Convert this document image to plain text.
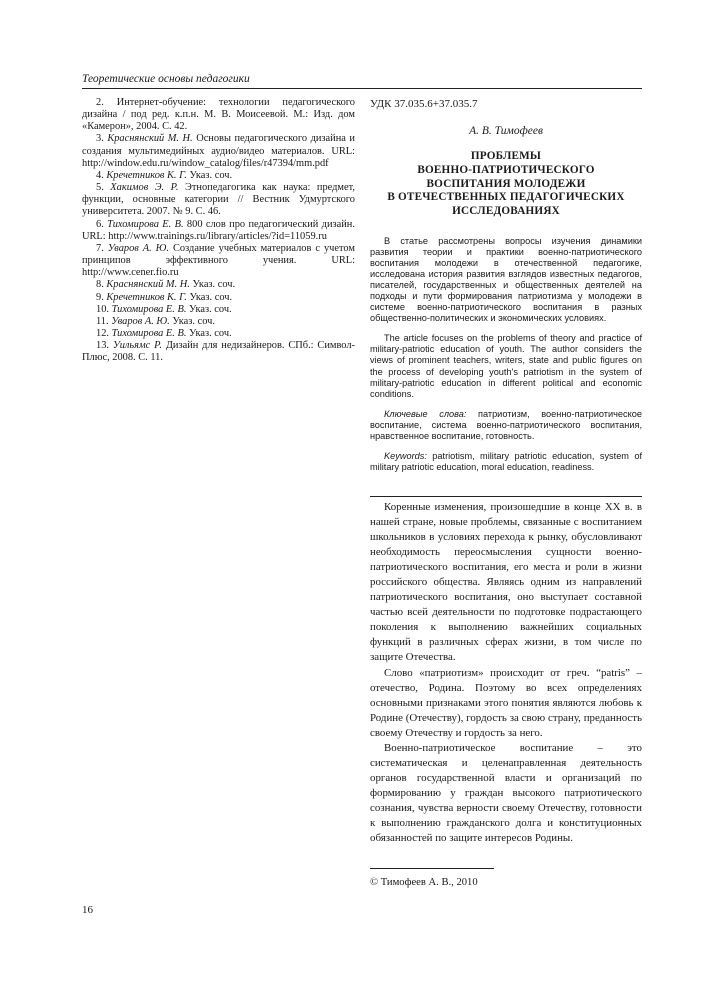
Теоретические основы педагогики

2. Интернет-обучение: технологии педагогического дизайна / под ред. к.п.н. М. В. Моисеевой. М.: Изд. дом «Камерон», 2004. С. 42.

3. Краснянский М. Н. Основы педагогического дизайна и создания мультимедийных аудио/видео материалов. URL: http://window.edu.ru/window_catalog/files/r47394/mm.pdf

4. Кречетников К. Г. Указ. соч.

5. Хакимов Э. Р. Этнопедагогика как наука: предмет, функции, основные категории // Вестник Удмуртского университета. 2007. № 9. С. 46.

6. Тихомирова Е. В. 800 слов про педагогический дизайн. URL: http://www.trainings.ru/library/articles/?id=11059.ru

7. Уваров А. Ю. Создание учебных материалов с учетом принципов эффективного учения. URL: http://www.cener.fio.ru

8. Краснянский М. Н. Указ. соч.

9. Кречетников К. Г. Указ. соч.

10. Тихомирова Е. В. Указ. соч.

11. Уваров А. Ю. Указ. соч.

12. Тихомирова Е. В. Указ. соч.

13. Уильямс Р. Дизайн для недизайнеров. СПб.: Символ-Плюс, 2008. С. 11.

УДК 37.035.6+37.035.7

А. В. Тимофеев

ПРОБЛЕМЫ
ВОЕННО-ПАТРИОТИЧЕСКОГО
ВОСПИТАНИЯ МОЛОДЕЖИ
В ОТЕЧЕСТВЕННЫХ ПЕДАГОГИЧЕСКИХ
ИССЛЕДОВАНИЯХ

В статье рассмотрены вопросы изучения динамики развития теории и практики военно-патриотического воспитания молодежи в отечественной педагогике, исследована история развития взглядов известных педагогов, писателей, государственных и общественных деятелей на подходы и пути формирования патриотизма у молодежи в системе военно-патриотического воспитания в разных общественно-политических и экономических условиях.

The article focuses on the problems of theory and practice of military-patriotic education of youth. The author considers the views of prominent teachers, writers, state and public figures on the process of developing youth's patriotism in the system of military-patriotic education in different political and economic conditions.

Ключевые слова: патриотизм, военно-патриотическое воспитание, система военно-патриотического воспитания, нравственное воспитание, готовность.

Keywords: patriotism, military patriotic education, system of military patriotic education, moral education, readiness.

Коренные изменения, произошедшие в конце XX в. в нашей стране, новые проблемы, связанные с воспитанием школьников в условиях перехода к рынку, обусловливают необходимость переосмысления сущности военно-патриотического воспитания, его места и роли в жизни российского общества. Являясь одним из направлений патриотического воспитания, оно выступает составной частью всей деятельности по подготовке подрастающего поколения к выполнению важнейших социальных функций в различных сферах жизни, в том числе по защите Отечества.

Слово «патриотизм» происходит от греч. “patris” – отечество, Родина. Поэтому во всех определениях основными признаками этого понятия являются любовь к Родине (Отечеству), гордость за свою страну, преданность своему Отечеству и гордость за него.

Военно-патриотическое воспитание – это систематическая и целенаправленная деятельность органов государственной власти и организаций по формированию у граждан высокого патриотического сознания, чувства верности своему Отечеству, готовности к выполнению гражданского долга и конституционных обязанностей по защите интересов Родины.

© Тимофеев А. В., 2010
16
